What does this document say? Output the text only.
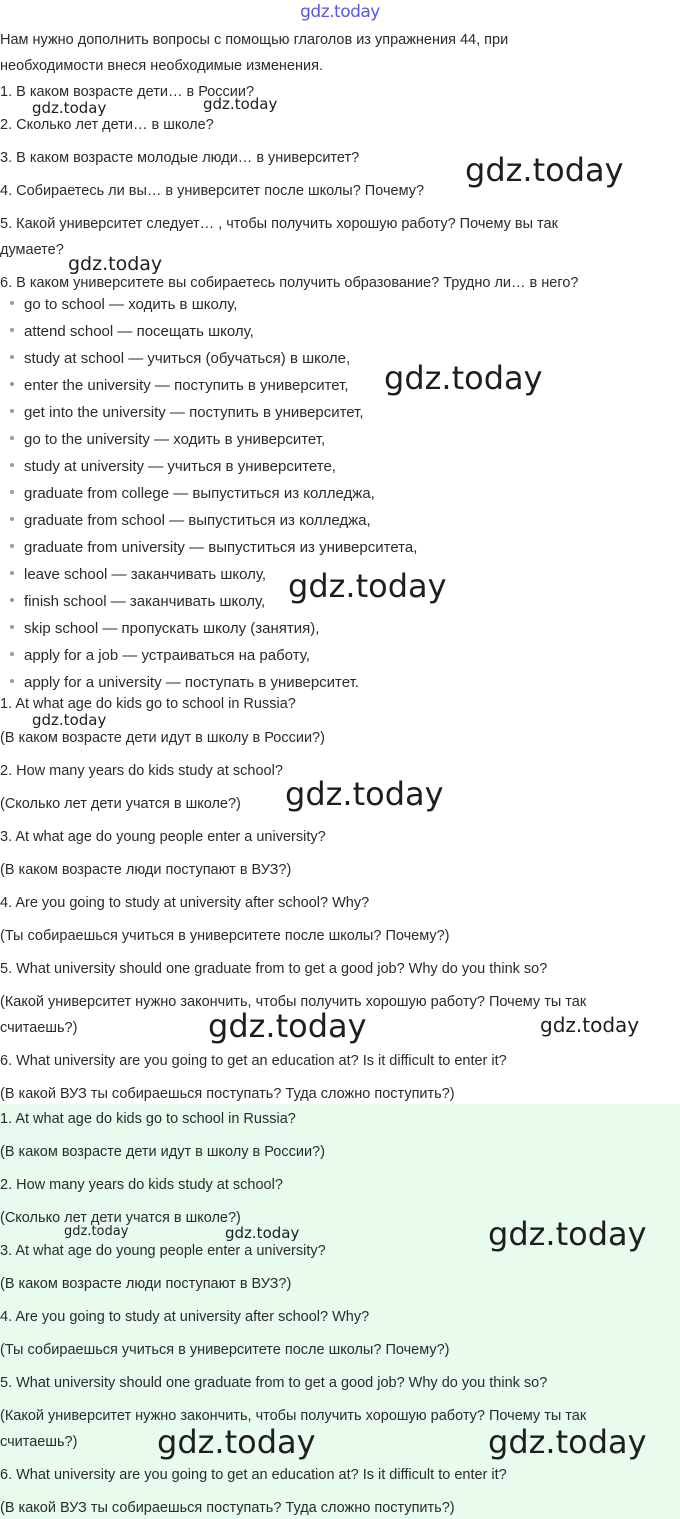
gdz.today
Нам нужно дополнить вопросы с помощью глаголов из упражнения 44, при
необходимости внеся необходимые изменения.
1. В каком возрасте дети… в России?
2. Сколько лет дети… в школе?
3. В каком возрасте молодые люди… в университет?
4. Собираетесь ли вы… в университет после школы? Почему?
5. Какой университет следует… , чтобы получить хорошую работу? Почему вы так
думаете?
6. В каком университете вы собираетесь получить образование? Трудно ли… в него?
go to school — ходить в школу,
attend school — посещать школу,
study at school — учиться (обучаться) в школе,
enter the university — поступить в университет,
get into the university — поступить в университет,
go to the university — ходить в университет,
study at university — учиться в университете,
graduate from college — выпуститься из колледжа,
graduate from school — выпуститься из колледжа,
graduate from university — выпуститься из университета,
leave school — заканчивать школу,
finish school — заканчивать школу,
skip school — пропускать школу (занятия),
apply for a job — устраиваться на работу,
apply for a university — поступать в университет.
1. At what age do kids go to school in Russia?
(В каком возрасте дети идут в школу в России?)
2. How many years do kids study at school?
(Сколько лет дети учатся в школе?)
3. At what age do young people enter a university?
(В каком возрасте люди поступают в ВУЗ?)
4. Are you going to study at university after school? Why?
(Ты собираешься учиться в университете после школы? Почему?)
5. What university should one graduate from to get a good job? Why do you think so?
(Какой университет нужно закончить, чтобы получить хорошую работу? Почему ты так
считаешь?)
6. What university are you going to get an education at? Is it difficult to enter it?
(В какой ВУЗ ты собираешься поступать? Туда сложно поступить?)
1. At what age do kids go to school in Russia?
(В каком возрасте дети идут в школу в России?)
2. How many years do kids study at school?
(Сколько лет дети учатся в школе?)
3. At what age do young people enter a university?
(В каком возрасте люди поступают в ВУЗ?)
4. Are you going to study at university after school? Why?
(Ты собираешься учиться в университете после школы? Почему?)
5. What university should one graduate from to get a good job? Why do you think so?
(Какой университет нужно закончить, чтобы получить хорошую работу? Почему ты так
считаешь?)
6. What university are you going to get an education at? Is it difficult to enter it?
(В какой ВУЗ ты собираешься поступать? Туда сложно поступить?)
gdz.today	gdz.today
gdz.today
gdz.today
gdz.today
gdz.today
gdz.today
gdz.today
gdz.today	gdz.today
gdz.today	gdz.today	gdz.today
gdz.today	gdz.today
